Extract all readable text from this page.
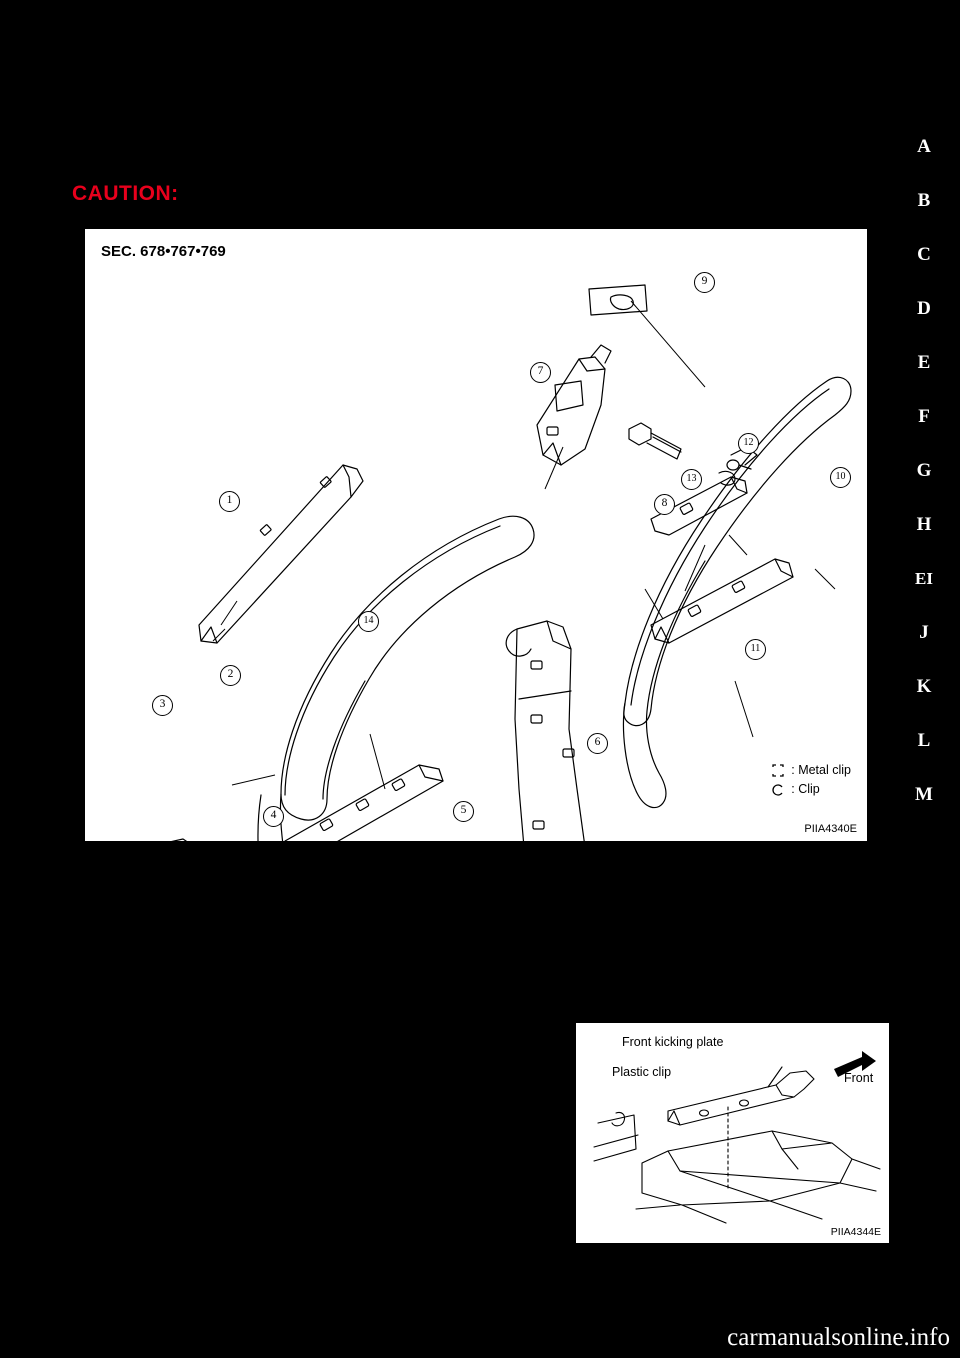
A
B
C
D
E
F
G
H
EI
J
K
L
M
CAUTION:
SEC. 678•767•769
1
2
3
4	5
6
7
8
9
10
11
12
13
14
: Metal clip
: Clip
PIIA4340E
Front kicking plate
Plastic clip	Front
PIIA4344E
carmanualsonline.info
